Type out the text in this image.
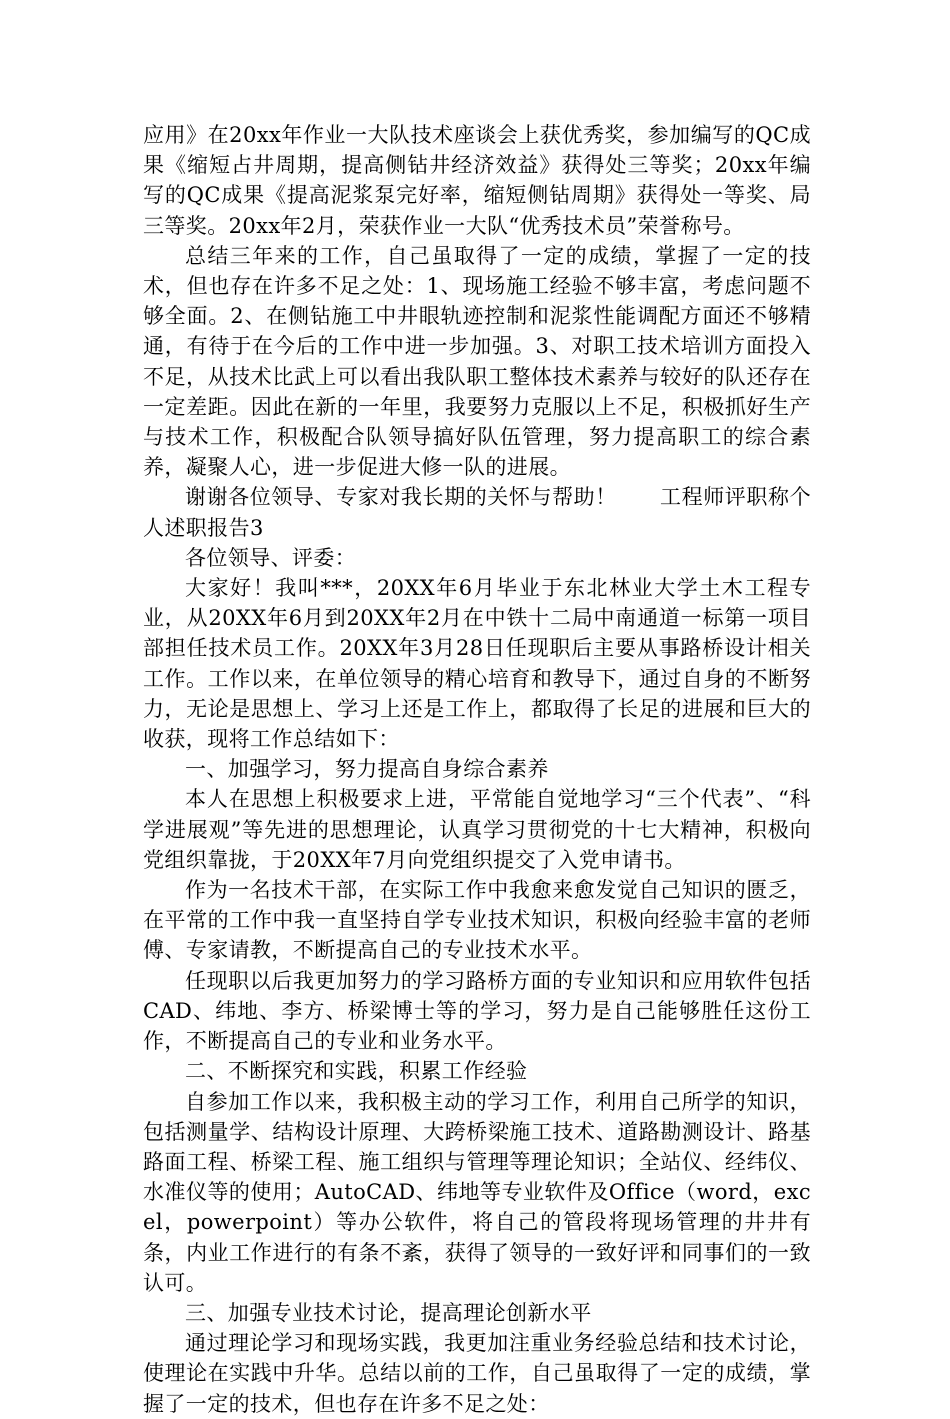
应用》在20xx年作业一大队技术座谈会上获优秀奖，参加编写的QC成果《缩短占井周期，提高侧钻井经济效益》获得处三等奖；20xx年编写的QC成果《提高泥浆泵完好率，缩短侧钻周期》获得处一等奖、局三等奖。20xx年2月，荣获作业一大队“优秀技术员”荣誉称号。

总结三年来的工作，自己虽取得了一定的成绩，掌握了一定的技术，但也存在许多不足之处：1、现场施工经验不够丰富，考虑问题不够全面。2、在侧钻施工中井眼轨迹控制和泥浆性能调配方面还不够精通，有待于在今后的工作中进一步加强。3、对职工技术培训方面投入不足，从技术比武上可以看出我队职工整体技术素养与较好的队还存在一定差距。因此在新的一年里，我要努力克服以上不足，积极抓好生产与技术工作，积极配合队领导搞好队伍管理，努力提高职工的综合素养，凝聚人心，进一步促进大修一队的进展。

谢谢各位领导、专家对我长期的关怀与帮助！　　工程师评职称个人述职报告3

各位领导、评委：

大家好！我叫***，20XX年6月毕业于东北林业大学土木工程专业，从20XX年6月到20XX年2月在中铁十二局中南通道一标第一项目部担任技术员工作。20XX年3月28日任现职后主要从事路桥设计相关工作。工作以来，在单位领导的精心培育和教导下，通过自身的不断努力，无论是思想上、学习上还是工作上，都取得了长足的进展和巨大的收获，现将工作总结如下：

一、加强学习，努力提高自身综合素养

本人在思想上积极要求上进，平常能自觉地学习“三个代表”、“科学进展观”等先进的思想理论，认真学习贯彻党的十七大精神，积极向党组织靠拢，于20XX年7月向党组织提交了入党申请书。

作为一名技术干部，在实际工作中我愈来愈发觉自己知识的匮乏，在平常的工作中我一直坚持自学专业技术知识，积极向经验丰富的老师傅、专家请教，不断提高自己的专业技术水平。

任现职以后我更加努力的学习路桥方面的专业知识和应用软件包括CAD、纬地、李方、桥梁博士等的学习，努力是自己能够胜任这份工作，不断提高自己的专业和业务水平。

二、不断探究和实践，积累工作经验

自参加工作以来，我积极主动的学习工作，利用自己所学的知识，包括测量学、结构设计原理、大跨桥梁施工技术、道路勘测设计、路基路面工程、桥梁工程、施工组织与管理等理论知识；全站仪、经纬仪、水准仪等的使用；AutoCAD、纬地等专业软件及Office（word，excel，powerpoint）等办公软件，将自己的管段将现场管理的井井有条，内业工作进行的有条不紊，获得了领导的一致好评和同事们的一致认可。

三、加强专业技术讨论，提高理论创新水平

通过理论学习和现场实践，我更加注重业务经验总结和技术讨论，使理论在实践中升华。总结以前的工作，自己虽取得了一定的成绩，掌握了一定的技术，但也存在许多不足之处：
